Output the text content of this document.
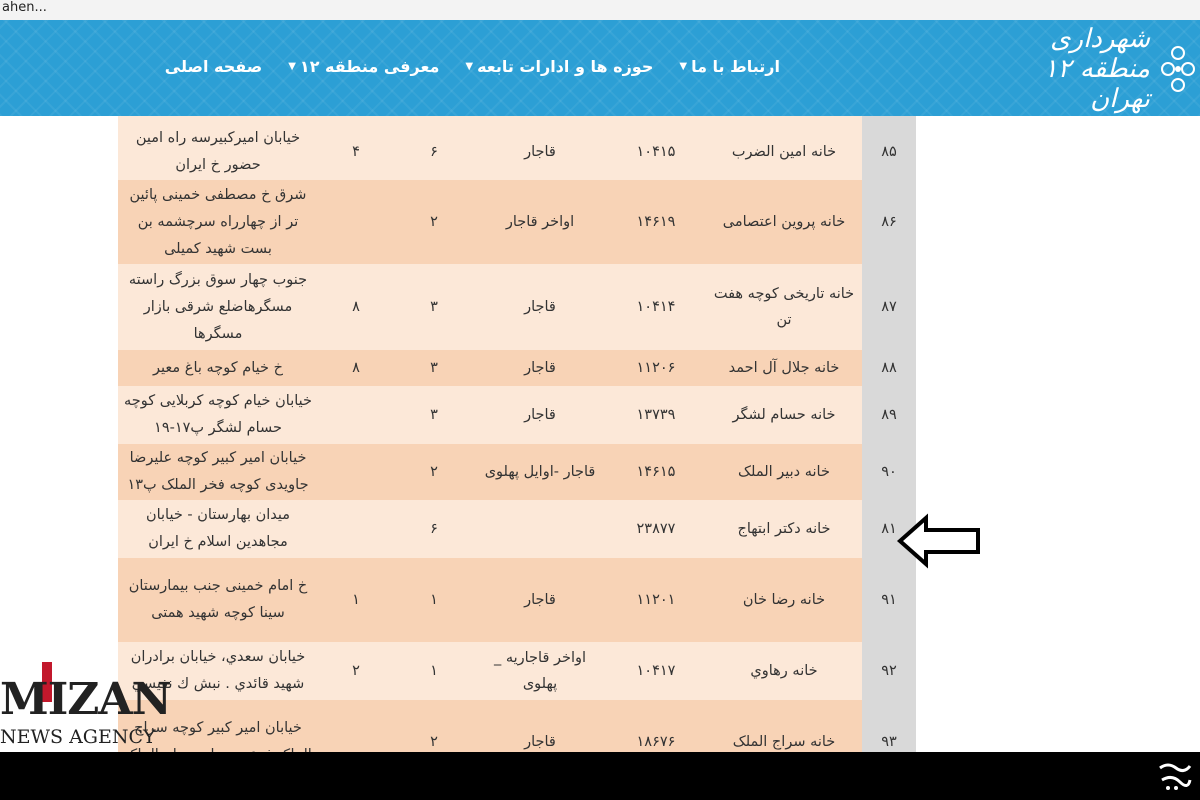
ahen...
شهرداری منطقه ۱۲ تهران
صفحه اصلی معرفی منطقه ۱۲
▼	حوزه ها و ادارات تابعه
▼	ارتباط با ما
▼

۸۵	خانه امین الضرب	۱۰۴۱۵	قاجار	۶	۴	خیابان امیرکبیرسه راه امین حضور خ ایران
۸۶	خانه پروین اعتصامی	۱۴۶۱۹	اواخر قاجار	۲		شرق خ مصطفی خمینی پائین تر از چهارراه سرچشمه بن بست شهید کمیلی
۸۷	خانه تاریخی کوچه هفت تن	۱۰۴۱۴	قاجار	۳	۸	جنوب چهار سوق بزرگ راسته مسگرهاضلع شرقی بازار مسگرها
۸۸	خانه جلال آل احمد	۱۱۲۰۶	قاجار	۳	۸	خ خیام کوچه باغ معیر
۸۹	خانه حسام لشگر	۱۳۷۳۹	قاجار	۳		خیابان خیام کوچه کربلایی کوچه حسام لشگر پ۱۷-۱۹
۹۰	خانه دبیر الملک	۱۴۶۱۵	قاجار -اوایل پهلوی	۲		خیابان امیر کبیر کوچه علیرضا جاویدی کوچه فخر الملک پ۱۳
۸۱	خانه دکتر ابتهاج	۲۳۸۷۷		۶		میدان بهارستان - خیابان مجاهدین اسلام خ ایران
۹۱	خانه رضا خان	۱۱۲۰۱	قاجار	۱	۱	خ امام خمینی جنب بیمارستان سینا کوچه شهید همتی
۹۲	خانه رهاوي	۱۰۴۱۷	اواخر قاجاریه _ پهلوی	۱	۲	خيابان سعدي، خيابان برادران شهيد قائدي . نبش ك نفيسي
۹۳	خانه سراج الملک	۱۸۶۷۶	قاجار	۲		خیابان امیر کبیر کوچه سراج
MIZAN
NEWS AGENCY
